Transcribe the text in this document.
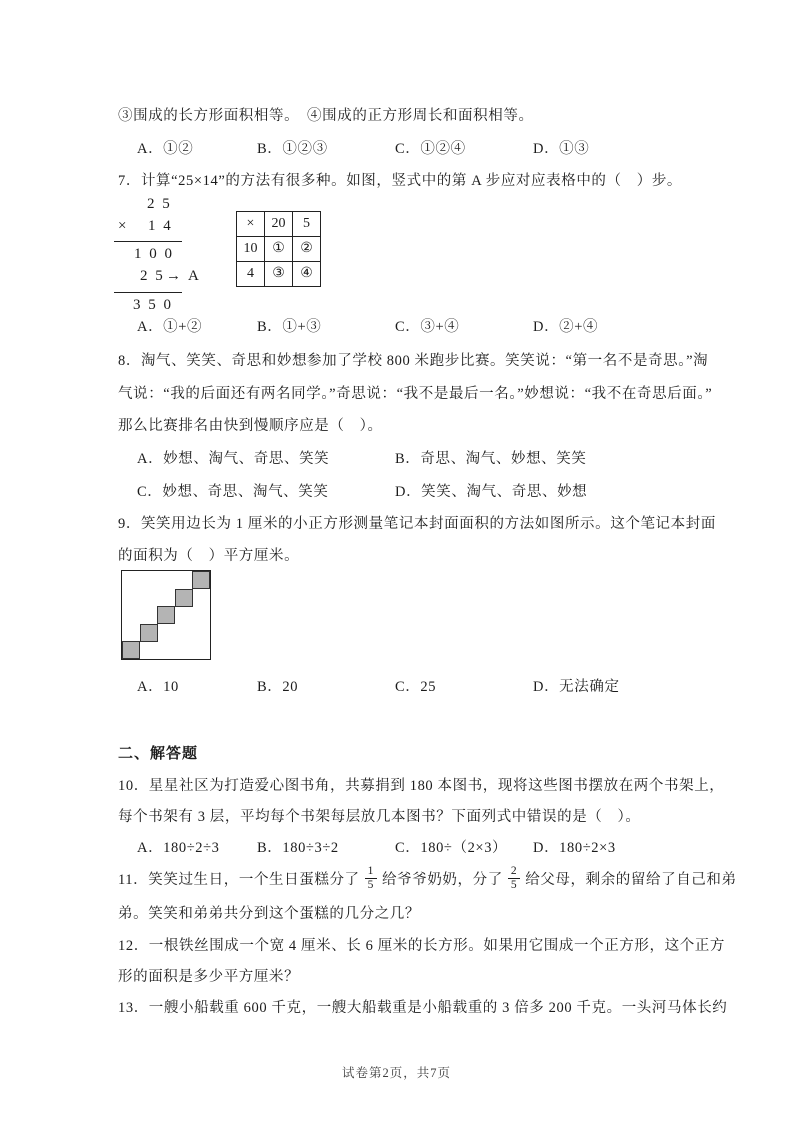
③围成的长方形面积相等。　④围成的正方形周长和面积相等。
A．①②	B．①②③	C．①②④	D．①③
7．计算“25×14”的方法有很多种。如图，竖式中的第 A 步应对应表格中的（　）步。
2 5
× 1 4
1 0 0
2 5 → A
3 5 0
×	20	5
10	①	②
4	③	④
A．①+②	B．①+③	C．③+④	D．②+④
8．淘气、笑笑、奇思和妙想参加了学校 800 米跑步比赛。笑笑说：“第一名不是奇思。”淘
气说：“我的后面还有两名同学。”奇思说：“我不是最后一名。”妙想说：“我不在奇思后面。”
那么比赛排名由快到慢顺序应是（　）。
A．妙想、淘气、奇思、笑笑	B．奇思、淘气、妙想、笑笑
C．妙想、奇思、淘气、笑笑	D．笑笑、淘气、奇思、妙想
9．笑笑用边长为 1 厘米的小正方形测量笔记本封面面积的方法如图所示。这个笔记本封面
的面积为（　）平方厘米。
A．10	B．20	C．25	D．无法确定
二、解答题
10．星星社区为打造爱心图书角，共募捐到 180 本图书，现将这些图书摆放在两个书架上，
每个书架有 3 层，平均每个书架每层放几本图书？下面列式中错误的是（　）。
A．180÷2÷3	B．180÷3÷2	C．180÷（2×3） D．180÷2×3
11．笑笑过生日，一个生日蛋糕分了 $\frac{1}{5}$ 给爷爷奶奶，分了 $\frac{2}{5}$ 给父母，剩余的留给了自己和弟
弟。笑笑和弟弟共分到这个蛋糕的几分之几？
12．一根铁丝围成一个宽 4 厘米、长 6 厘米的长方形。如果用它围成一个正方形，这个正方
形的面积是多少平方厘米？
13．一艘小船载重 600 千克，一艘大船载重是小船载重的 3 倍多 200 千克。一头河马体长约
试卷第2页，共7页
